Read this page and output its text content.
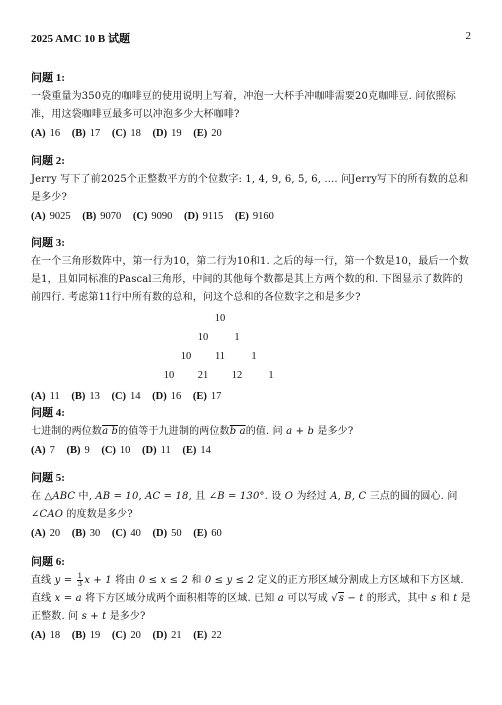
2025 AMC 10 B 试题	2
问题 1:
一袋重量为350克的咖啡豆的使用说明上写着，冲泡一大杯手冲咖啡需要20克咖啡豆. 问依照标准，用这袋咖啡豆最多可以冲泡多少大杯咖啡?
(A) 16 (B) 17 (C) 18 (D) 19 (E) 20
问题 2:
Jerry 写下了前2025个正整数平方的个位数字: 1, 4, 9, 6, 5, 6, .... 问Jerry写下的所有数的总和是多少?
(A) 9025 (B) 9070 (C) 9090 (D) 9115 (E) 9160
问题 3:
在一个三角形数阵中，第一行为10，第二行为10和1. 之后的每一行，第一个数是10，最后一个数是1，且如同标准的Pascal三角形，中间的其他每个数都是其上方两个数的和. 下图显示了数阵的前四行. 考虑第11行中所有数的总和，问这个总和的各位数字之和是多少?
10
10 1
10 11	1
10 21 12 1
(A) 11 (B) 13 (C) 14 (D) 16 (E) 17
问题 4:
七进制的两位数a b的值等于九进制的两位数b a的值. 问 a + b 是多少?
(A) 7 (B) 9 (C) 10 (D) 11 (E) 14
问题 5:
在 △ABC 中, AB = 10, AC = 18, 且 ∠B = 130°. 设 O 为经过 A, B, C 三点的圆的圆心. 问 ∠CAO 的度数是多少?
(A) 20 (B) 30 (C) 40 (D) 50 (E) 60
问题 6:
直线 $y = \frac{1}{3}$ x + 1 将由 0 ≤ x ≤ 2 和 0 ≤ y ≤ 2 定义的正方形区域分割成上方区域和下方区域. 直线 x = a 将下方区域分成两个面积相等的区域. 已知 a 可以写成 √s − t 的形式，其中 s 和 t 是正整数. 问 s + t 是多少?
(A) 18 (B) 19 (C) 20 (D) 21 (E) 22
